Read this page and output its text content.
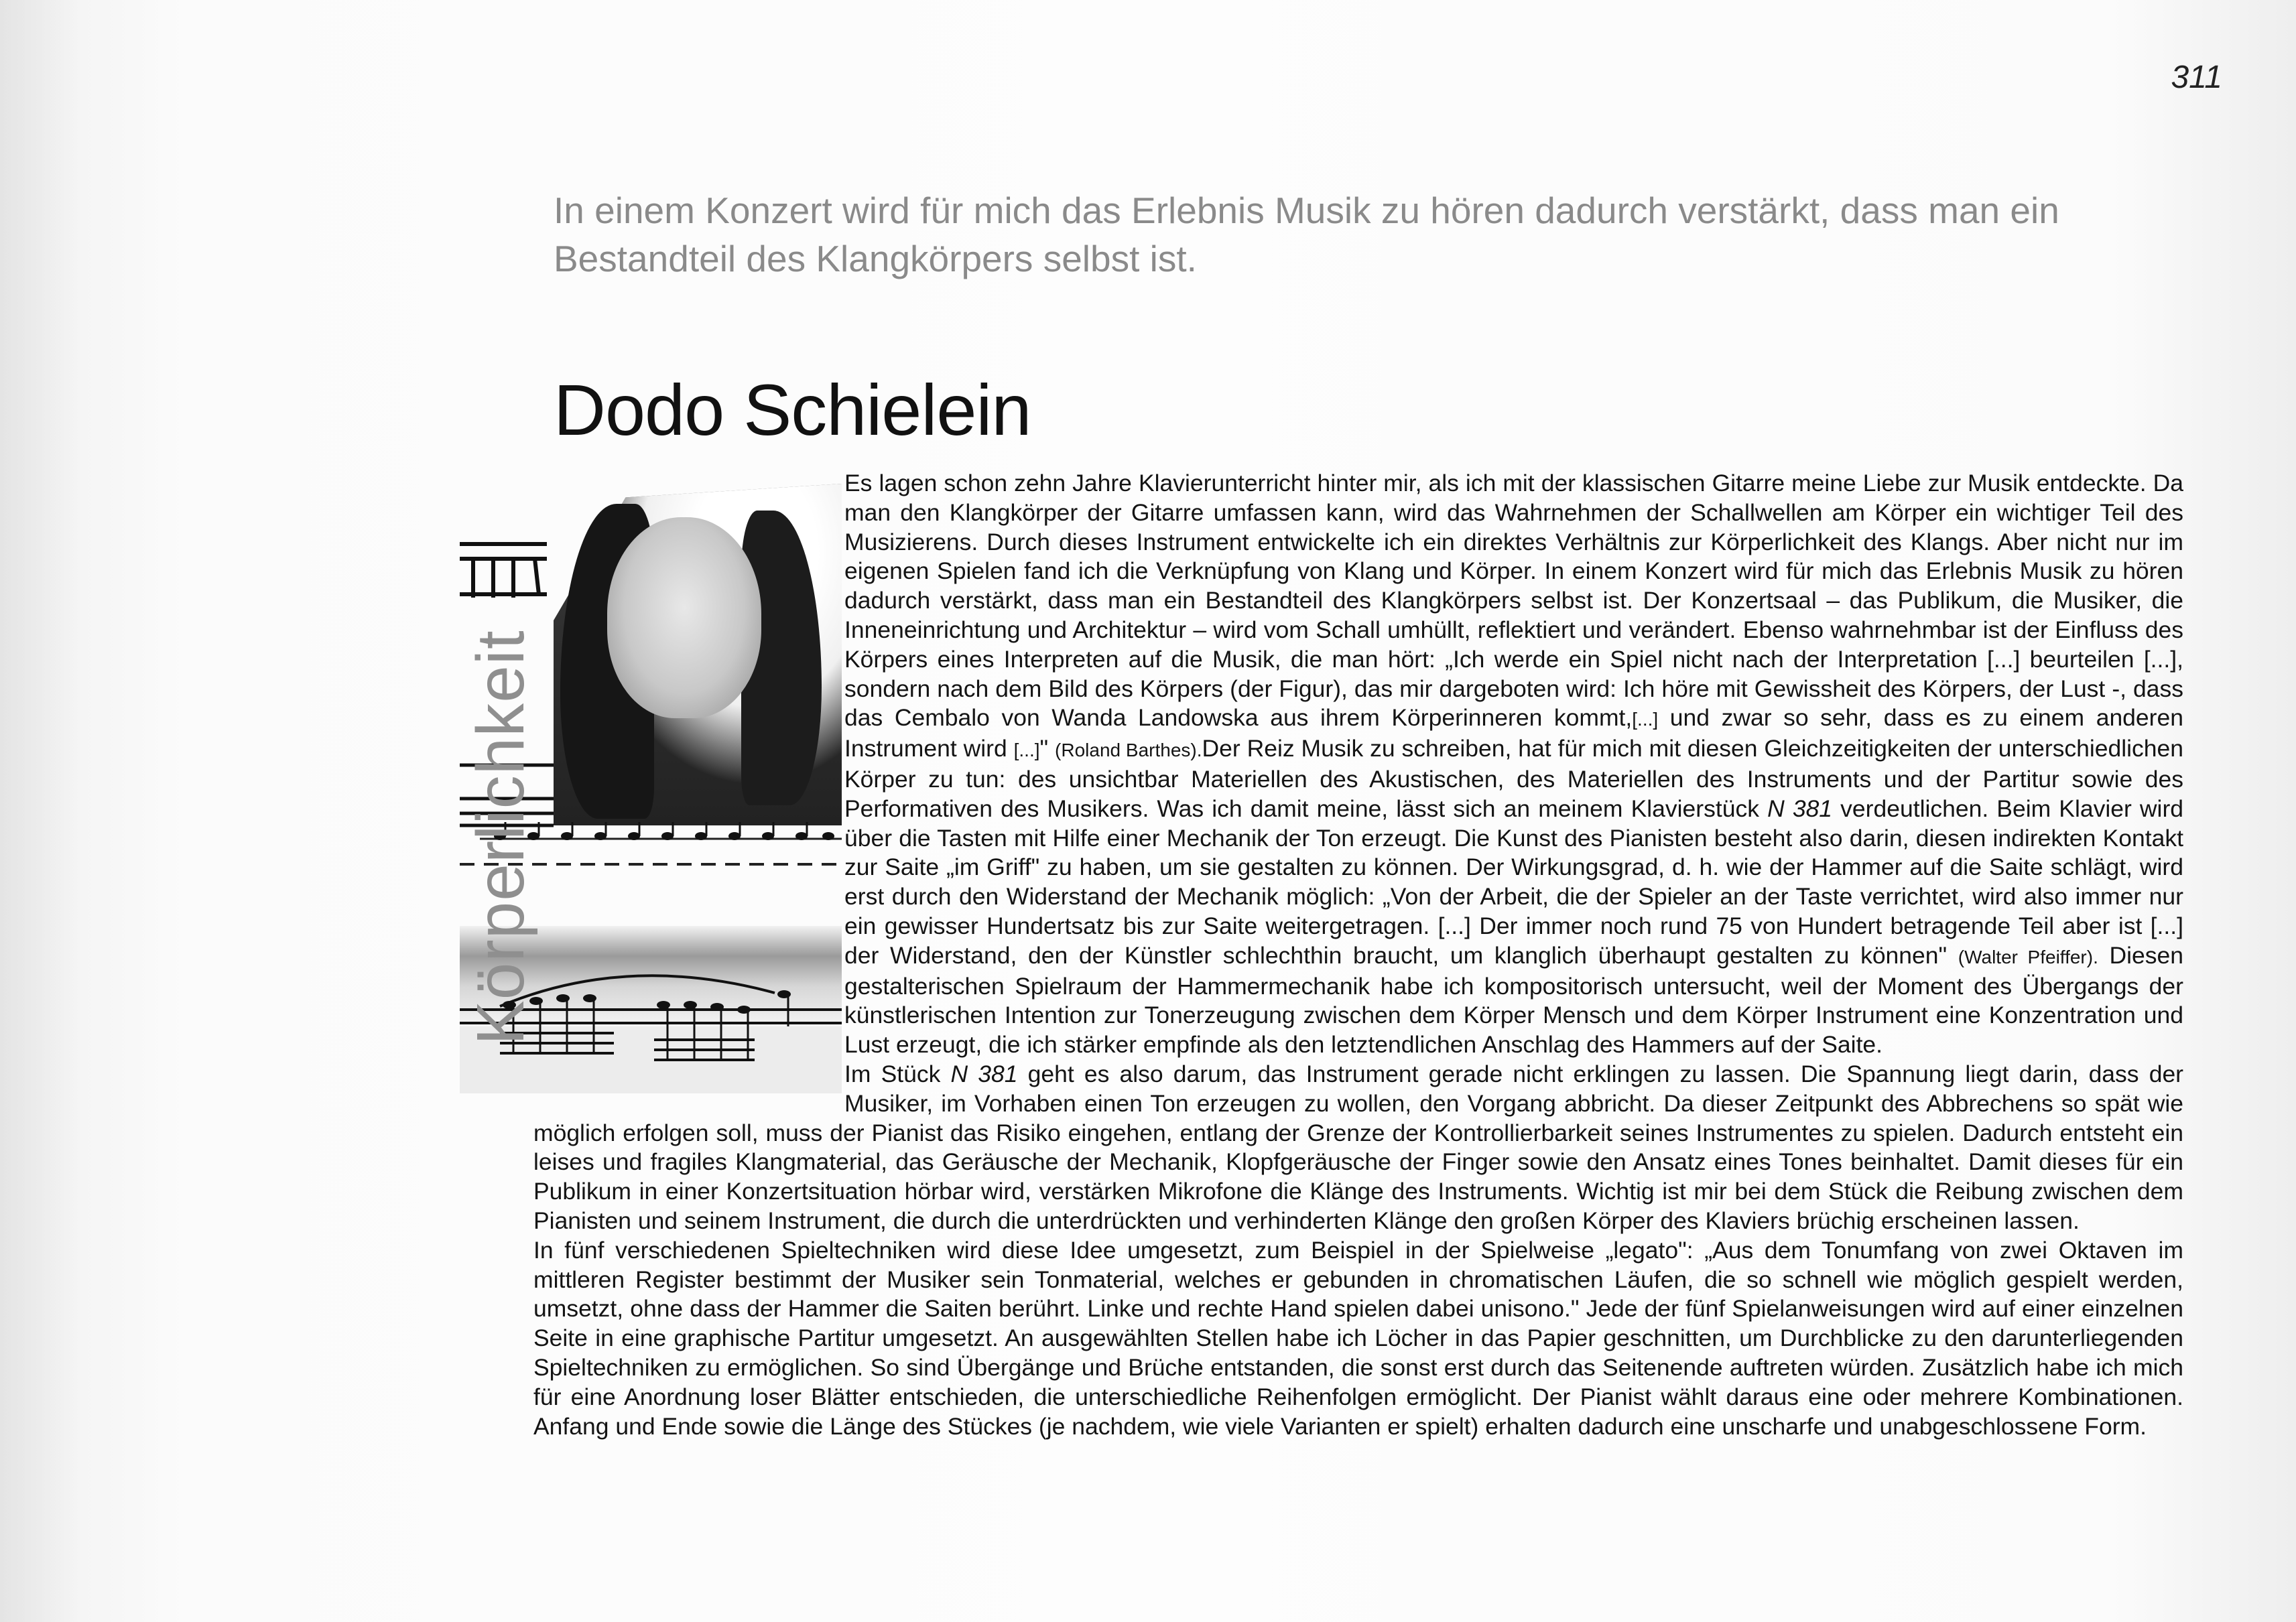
311
In einem Konzert wird für mich das Erlebnis Musik zu hören dadurch verstärkt, dass man ein Bestandteil des Klangkörpers selbst ist.
Dodo Schielein
Körperlichkeit

Es lagen schon zehn Jahre Klavierunterricht hinter mir, als ich mit der klassischen Gitarre meine Liebe zur Musik entdeckte. Da man den Klangkörper der Gitarre umfassen kann, wird das Wahrnehmen der Schallwellen am Körper ein wichtiger Teil des Musizierens. Durch dieses Instrument entwickelte ich ein direktes Verhältnis zur Körperlichkeit des Klangs. Aber nicht nur im eigenen Spielen fand ich die Verknüpfung von Klang und Körper. In einem Konzert wird für mich das Erlebnis Musik zu hören dadurch verstärkt, dass man ein Bestandteil des Klangkörpers selbst ist. Der Konzertsaal – das Publikum, die Musiker, die Inneneinrichtung und Architektur – wird vom Schall umhüllt, reflektiert und verändert. Ebenso wahrnehmbar ist der Einfluss des Körpers eines Interpreten auf die Musik, die man hört: „Ich werde ein Spiel nicht nach der Interpretation [...] beurteilen [...], sondern nach dem Bild des Körpers (der Figur), das mir dargeboten wird: Ich höre mit Gewissheit des Körpers, der Lust -, dass das Cembalo von Wanda Landowska aus ihrem Körperinneren kommt,[...] und zwar so sehr, dass es zu einem anderen Instrument wird [...]" (Roland Barthes).Der Reiz Musik zu schreiben, hat für mich mit diesen Gleichzeitigkeiten der unterschiedlichen Körper zu tun: des unsichtbar Materiellen des Akustischen, des Materiellen des Instruments und der Partitur sowie des Performativen des Musikers. Was ich damit meine, lässt sich an meinem Klavierstück N 381 verdeutlichen. Beim Klavier wird über die Tasten mit Hilfe einer Mechanik der Ton erzeugt. Die Kunst des Pianisten besteht also darin, diesen indirekten Kontakt zur Saite „im Griff" zu haben, um sie gestalten zu können. Der Wirkungsgrad, d. h. wie der Hammer auf die Saite schlägt, wird erst durch den Widerstand der Mechanik möglich: „Von der Arbeit, die der Spieler an der Taste verrichtet, wird also immer nur ein gewisser Hundertsatz bis zur Saite weitergetragen. [...] Der immer noch rund 75 von Hundert betragende Teil aber ist [...] der Widerstand, den der Künstler schlechthin braucht, um klanglich überhaupt gestalten zu können" (Walter Pfeiffer). Diesen gestalterischen Spielraum der Hammermechanik habe ich kompositorisch untersucht, weil der Moment des Übergangs der künstlerischen Intention zur Tonerzeugung zwischen dem Körper Mensch und dem Körper Instrument eine Konzentration und Lust erzeugt, die ich stärker empfinde als den letztendlichen Anschlag des Hammers auf der Saite.

Im Stück N 381 geht es also darum, das Instrument gerade nicht erklingen zu lassen. Die Spannung liegt darin, dass der Musiker, im Vorhaben einen Ton erzeugen zu wollen, den Vorgang abbricht. Da dieser Zeitpunkt des Abbrechens so spät wie möglich erfolgen soll, muss der Pianist das Risiko eingehen, entlang der Grenze der Kontrollierbarkeit seines Instrumentes zu spielen. Dadurch entsteht ein leises und fragiles Klangmaterial, das Geräusche der Mechanik, Klopfgeräusche der Finger sowie den Ansatz eines Tones beinhaltet. Damit dieses für ein Publikum in einer Konzertsituation hörbar wird, verstärken Mikrofone die Klänge des Instruments. Wichtig ist mir bei dem Stück die Reibung zwischen dem Pianisten und seinem Instrument, die durch die unterdrückten und verhinderten Klänge den großen Körper des Klaviers brüchig erscheinen lassen.

In fünf verschiedenen Spieltechniken wird diese Idee umgesetzt, zum Beispiel in der Spielweise „legato": „Aus dem Tonumfang von zwei Oktaven im mittleren Register bestimmt der Musiker sein Tonmaterial, welches er gebunden in chromatischen Läufen, die so schnell wie möglich gespielt werden, umsetzt, ohne dass der Hammer die Saiten berührt. Linke und rechte Hand spielen dabei unisono." Jede der fünf Spielanweisungen wird auf einer einzelnen Seite in eine graphische Partitur umgesetzt. An ausgewählten Stellen habe ich Löcher in das Papier geschnitten, um Durchblicke zu den darunterliegenden Spieltechniken zu ermöglichen. So sind Übergänge und Brüche entstanden, die sonst erst durch das Seitenende auftreten würden. Zusätzlich habe ich mich für eine Anordnung loser Blätter entschieden, die unterschiedliche Reihenfolgen ermöglicht. Der Pianist wählt daraus eine oder mehrere Kombinationen. Anfang und Ende sowie die Länge des Stückes (je nachdem, wie viele Varianten er spielt) erhalten dadurch eine unscharfe und unabgeschlossene Form.
